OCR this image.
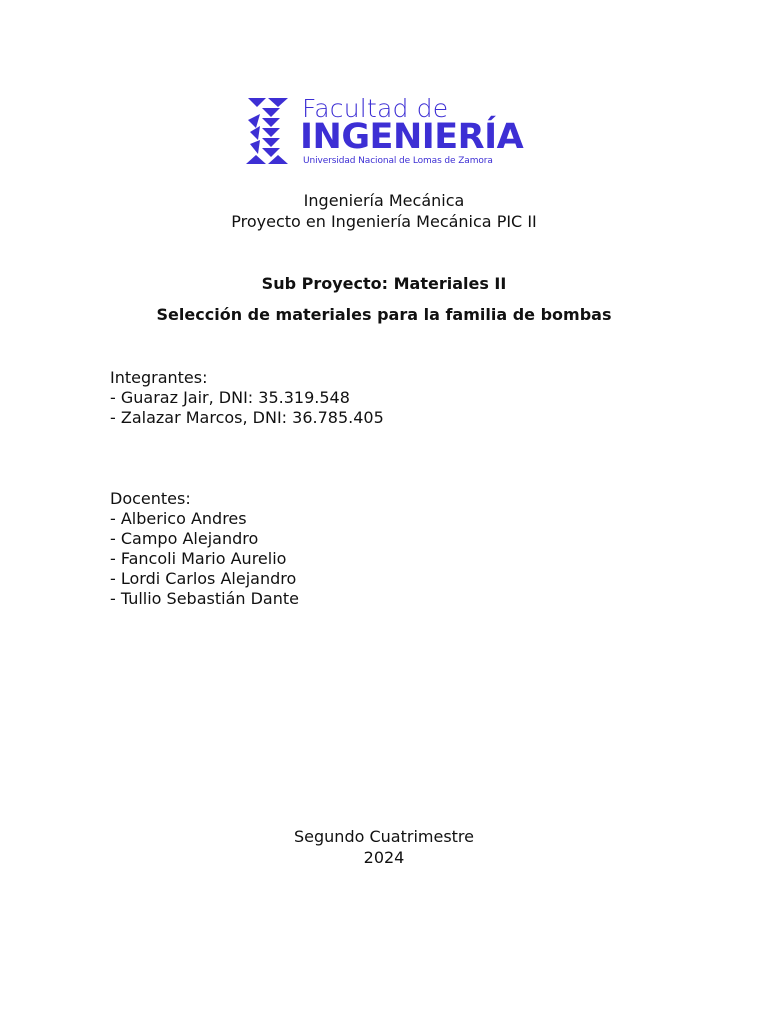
Facultad de
INGENIERÍA
Universidad Nacional de Lomas de Zamora
Ingeniería Mecánica
Proyecto en Ingeniería Mecánica PIC II
Sub Proyecto: Materiales II
Selección de materiales para la familia de bombas
Integrantes:
- Guaraz Jair, DNI: 35.319.548
- Zalazar Marcos, DNI: 36.785.405
Docentes:
- Alberico Andres
- Campo Alejandro
- Fancoli Mario Aurelio
- Lordi Carlos Alejandro
- Tullio Sebastián Dante
Segundo Cuatrimestre
2024
